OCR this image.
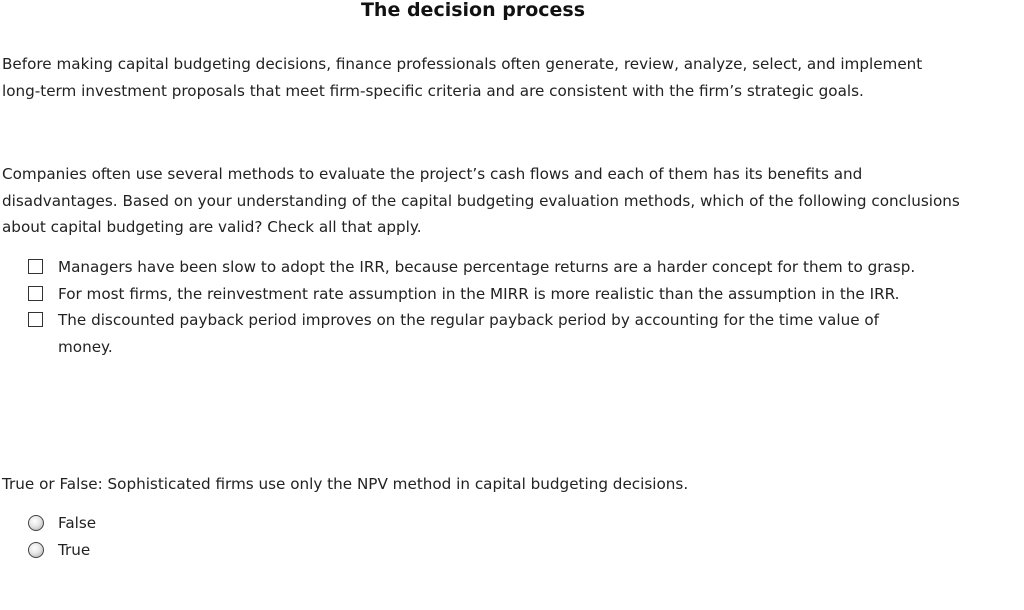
The decision process

Before making capital budgeting decisions, finance professionals often generate, review, analyze, select, and implement long-term investment proposals that meet firm-specific criteria and are consistent with the firm’s strategic goals.

Companies often use several methods to evaluate the project’s cash flows and each of them has its benefits and disadvantages. Based on your understanding of the capital budgeting evaluation methods, which of the following conclusions about capital budgeting are valid? Check all that apply.

Managers have been slow to adopt the IRR, because percentage returns are a harder concept for them to grasp.
For most firms, the reinvestment rate assumption in the MIRR is more realistic than the assumption in the IRR.
The discounted payback period improves on the regular payback period by accounting for the time value of money.

True or False: Sophisticated firms use only the NPV method in capital budgeting decisions.

False
True
